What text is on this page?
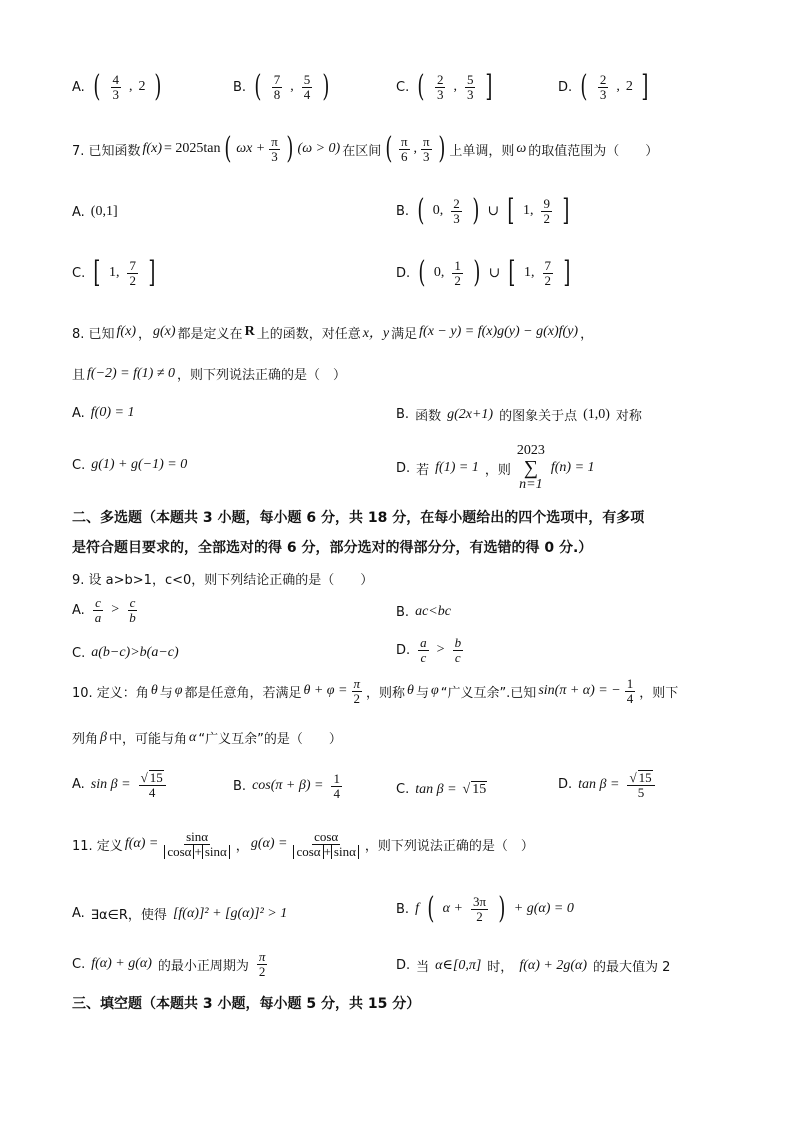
A. ( $\frac{4}{3}$ , 2 )	B. ( $\frac{7}{8}$ , $\frac{5}{4}$ )	C. ( $\frac{2}{3}$ , $\frac{5}{3}$ ]	D. ( $\frac{2}{3}$ , 2 ]
7. 已知函数 f(x) = 2025tan ( $\omega x + \frac{\pi}{3}$ ) (ω > 0) 在区间 ( $\frac{\pi}{6}$ , $\frac{\pi}{3}$ ) 上单调，则 ω 的取值范围为（　　）
A. (0,1]	B. ( 0, $\frac{2}{3}$ ) ∪ [ 1, $\frac{9}{2}$ ]
C. [ 1, $\frac{7}{2}$ ]	D. ( 0, $\frac{1}{2}$ ) ∪ [ 1, $\frac{7}{2}$ ]
8. 已知 f(x) ， g(x) 都是定义在 R 上的函数，对任意 x，y 满足 f(x − y) = f(x)g(y) − g(x)f(y) ，
且 f(−2) = f(1) ≠ 0 ，则下列说法正确的是（　）
A. f(0) = 1	B. 函数 g(2x+1) 的图象关于点 (1,0) 对称
C. g(1) + g(−1) = 0	D. 若 f(1) = 1 ，则
2023
∑
n=1
f(n) = 1
二、多选题（本题共 3 小题，每小题 6 分，共 18 分，在每小题给出的四个选项中，有多项
是符合题目要求的，全部选对的得 6 分，部分选对的得部分分，有选错的得 0 分.）
9. 设 a>b>1，c<0，则下列结论正确的是（　　）
A. $\frac{c}{a} > \frac{c}{b}$	B. ac<bc
C. a(b−c)>b(a−c)	D. $\frac{a}{c} > \frac{b}{c}$
10. 定义：角 θ 与 φ 都是任意角，若满足 $\theta + \varphi = \frac{\pi}{2}$ ，则称 θ 与 φ “广义互余”.已知 sin(π + α) = − $\frac{1}{4}$ ，则下
列角 β 中，可能与角 α “广义互余”的是（　　）
A. $\sin \beta = \frac{√ 15}{4}$	B. $\cos(\pi + \beta) = \frac{1}{4}$	C. tan β = √ 15	D. $\tan \beta = \frac{√ 15}{5}$
11. 定义 $f(\alpha) = \frac{\sin\alpha}{\cos\alpha + \sin\alpha}$ ， $g(\alpha) = \frac{\cos\alpha}{\cos\alpha + \sin\alpha}$ ，则下列说法正确的是（　）
A. ∃α∈R，使得 [f(α)]² + [g(α)]² > 1	B. f ( $\alpha + \frac{3\pi}{2}$ ) + g(α) = 0
C. f(α) + g(α) 的最小正周期为 $\frac{\pi}{2}$	D. 当 α∈[0,π] 时， f(α) + 2g(α) 的最大值为 2
三、填空题（本题共 3 小题，每小题 5 分，共 15 分）
